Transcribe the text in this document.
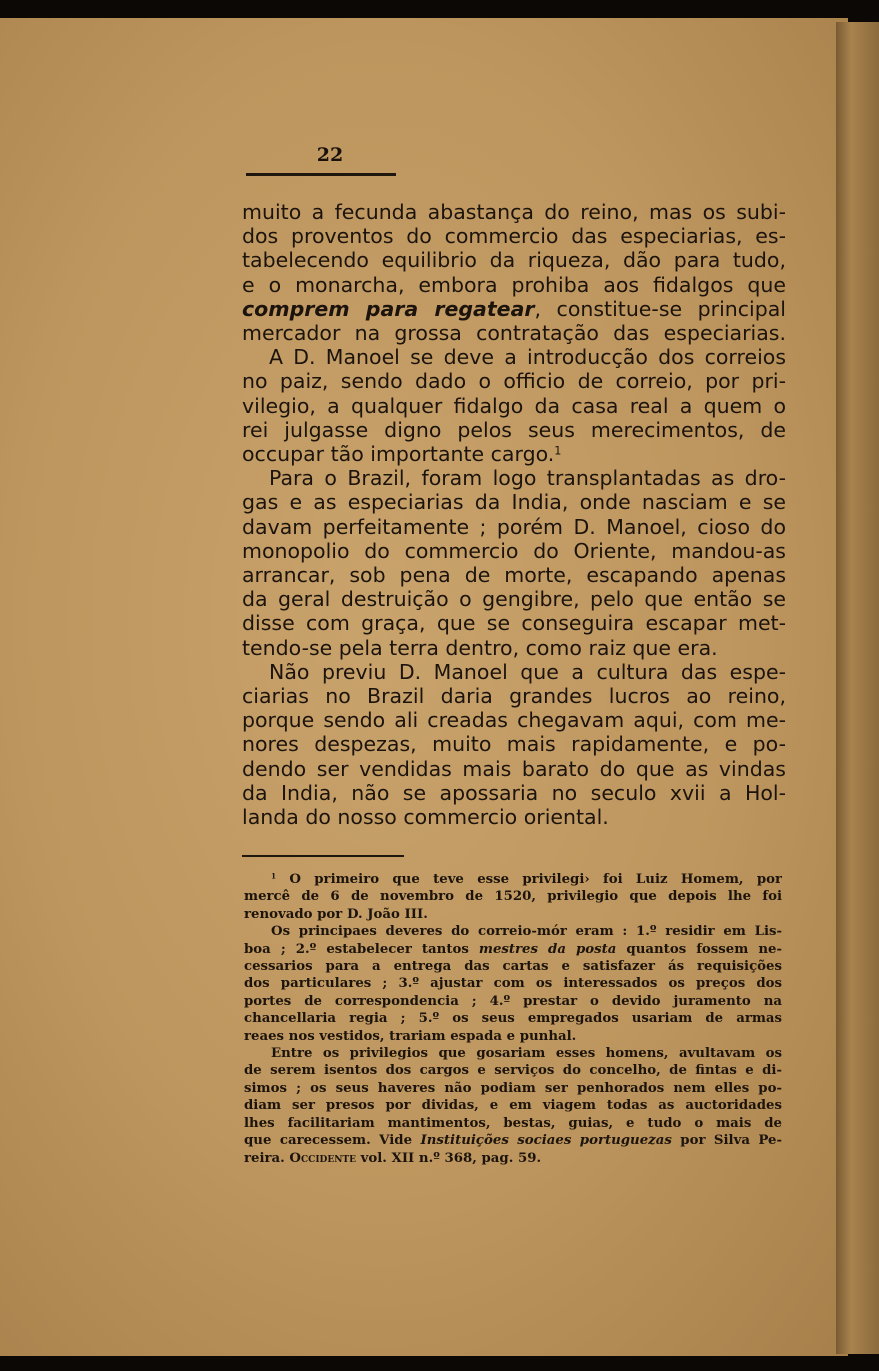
22
muito a fecunda abastança do reino, mas os subi-
dos proventos do commercio das especiarias, es-
tabelecendo equilibrio da riqueza, dão para tudo,
e o monarcha, embora prohiba aos fidalgos que
comprem para regatear, constitue-se principal
mercador na grossa contratação das especiarias.
A D. Manoel se deve a introducção dos correios
no paiz, sendo dado o officio de correio, por pri-
vilegio, a qualquer fidalgo da casa real a quem o
rei julgasse digno pelos seus merecimentos, de
occupar tão importante cargo.$^1$
Para o Brazil, foram logo transplantadas as dro-
gas e as especiarias da India, onde nasciam e se
davam perfeitamente ; porém D. Manoel, cioso do
monopolio do commercio do Oriente, mandou-as
arrancar, sob pena de morte, escapando apenas
da geral destruição o gengibre, pelo que então se
disse com graça, que se conseguira escapar met-
tendo-se pela terra dentro, como raiz que era.
Não previu D. Manoel que a cultura das espe-
ciarias no Brazil daria grandes lucros ao reino,
porque sendo ali creadas chegavam aqui, com me-
nores despezas, muito mais rapidamente, e po-
dendo ser vendidas mais barato do que as vindas
da India, não se apossaria no seculo xvii a Hol-
landa do nosso commercio oriental.
$^1$ O primeiro que teve esse privilegi› foi Luiz Homem, por
mercê de 6 de novembro de 1520, privilegio que depois lhe foi
renovado por D. João III.
Os principaes deveres do correio-mór eram : 1.º residir em Lis-
boa ; 2.º estabelecer tantos mestres da posta quantos fossem ne-
cessarios para a entrega das cartas e satisfazer ás requisições
dos particulares ; 3.º ajustar com os interessados os preços dos
portes de correspondencia ; 4.º prestar o devido juramento na
chancellaria regia ; 5.º os seus empregados usariam de armas
reaes nos vestidos, trariam espada e punhal.
Entre os privilegios que gosariam esses homens, avultavam os
de serem isentos dos cargos e serviços do concelho, de fintas e di-
simos ; os seus haveres não podiam ser penhorados nem elles po-
diam ser presos por dividas, e em viagem todas as auctoridades
lhes facilitariam mantimentos, bestas, guias, e tudo o mais de
que carecessem. Vide Instituições sociaes portuguezas por Silva Pe-
reira. Occidente vol. XII n.º 368, pag. 59.
